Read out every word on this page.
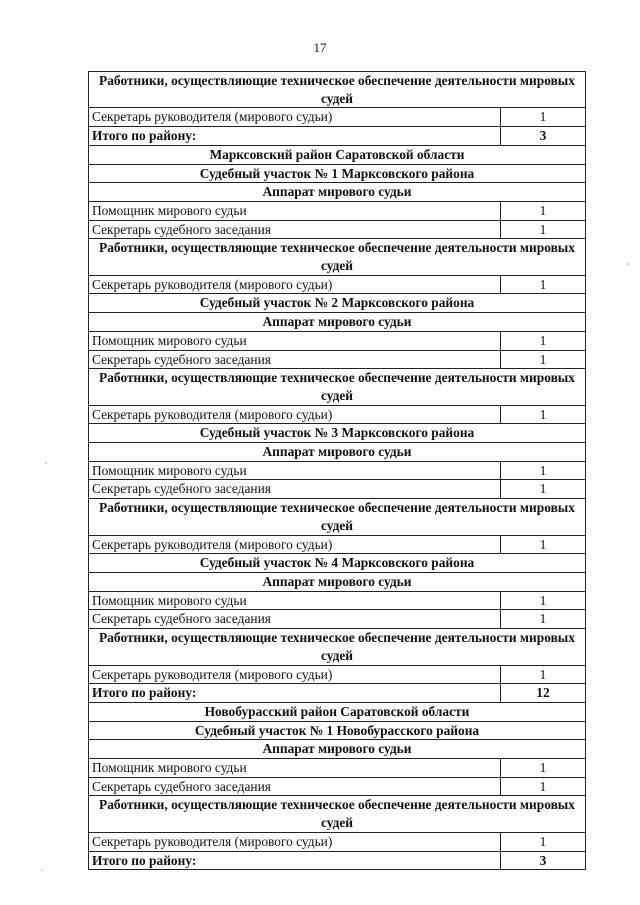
17
Работники, осуществляющие техническое обеспечение деятельности мировых судей	
Секретарь руководителя (мирового судьи)	1
Итого по району:	3
Марксовский район Саратовской области	
Судебный участок № 1 Марксовского района	
Аппарат мирового судьи	
Помощник мирового судьи	1
Секретарь судебного заседания	1
Работники, осуществляющие техническое обеспечение деятельности мировых судей	
Секретарь руководителя (мирового судьи)	1
Судебный участок № 2 Марксовского района	
Аппарат мирового судьи	
Помощник мирового судьи	1
Секретарь судебного заседания	1
Работники, осуществляющие техническое обеспечение деятельности мировых судей	
Секретарь руководителя (мирового судьи)	1
Судебный участок № 3 Марксовского района	
Аппарат мирового судьи	
Помощник мирового судьи	1
Секретарь судебного заседания	1
Работники, осуществляющие техническое обеспечение деятельности мировых судей	
Секретарь руководителя (мирового судьи)	1
Судебный участок № 4 Марксовского района	
Аппарат мирового судьи	
Помощник мирового судьи	1
Секретарь судебного заседания	1
Работники, осуществляющие техническое обеспечение деятельности мировых судей	
Секретарь руководителя (мирового судьи)	1
Итого по району:	12
Новобурасский район Саратовской области	
Судебный участок № 1 Новобурасского района	
Аппарат мирового судьи	
Помощник мирового судьи	1
Секретарь судебного заседания	1
Работники, осуществляющие техническое обеспечение деятельности мировых судей	
Секретарь руководителя (мирового судьи)	1
Итого по району:	3
